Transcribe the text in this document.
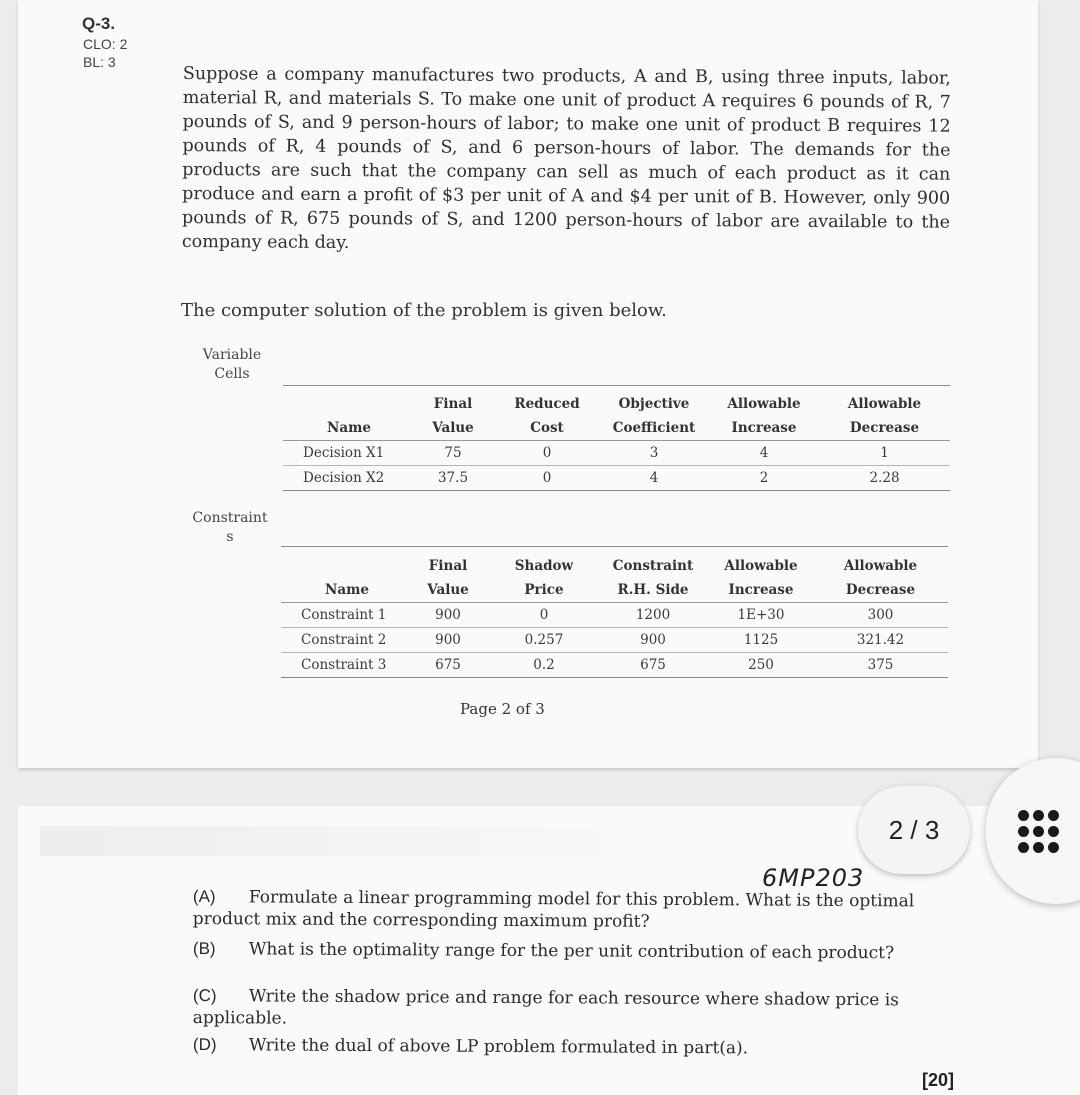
Q-3.
CLO: 2
BL: 3
Suppose a company manufactures two products, A and B, using three inputs, labor, material R, and materials S. To make one unit of product A requires 6 pounds of R, 7 pounds of S, and 9 person-hours of labor; to make one unit of product B requires 12 pounds of R, 4 pounds of S, and 6 person-hours of labor. The demands for the products are such that the company can sell as much of each product as it can produce and earn a profit of $3 per unit of A and $4 per unit of B. However, only 900 pounds of R, 675 pounds of S, and 1200 person-hours of labor are available to the company each day.
The computer solution of the problem is given below.
Variable
Cells
	Final	Reduced	Objective	Allowable	Allowable
Name	Value	Cost	Coefficient	Increase	Decrease
Decision X1	75	0	3	4	1
Decision X2	37.5	0	4	2	2.28
Constraint
s
	Final	Shadow	Constraint	Allowable	Allowable
Name	Value	Price	R.H. Side	Increase	Decrease
Constraint 1	900	0	1200	1E+30	300
Constraint 2	900	0.257	900	1125	321.42
Constraint 3	675	0.2	675	250	375
Page 2 of 3
6MP203
(A) Formulate a linear programming model for this problem. What is the optimal product mix and the corresponding maximum profit?
(B) What is the optimality range for the per unit contribution of each product?
(C) Write the shadow price and range for each resource where shadow price is applicable.
(D) Write the dual of above LP problem formulated in part(a).
[20]
2 / 3
